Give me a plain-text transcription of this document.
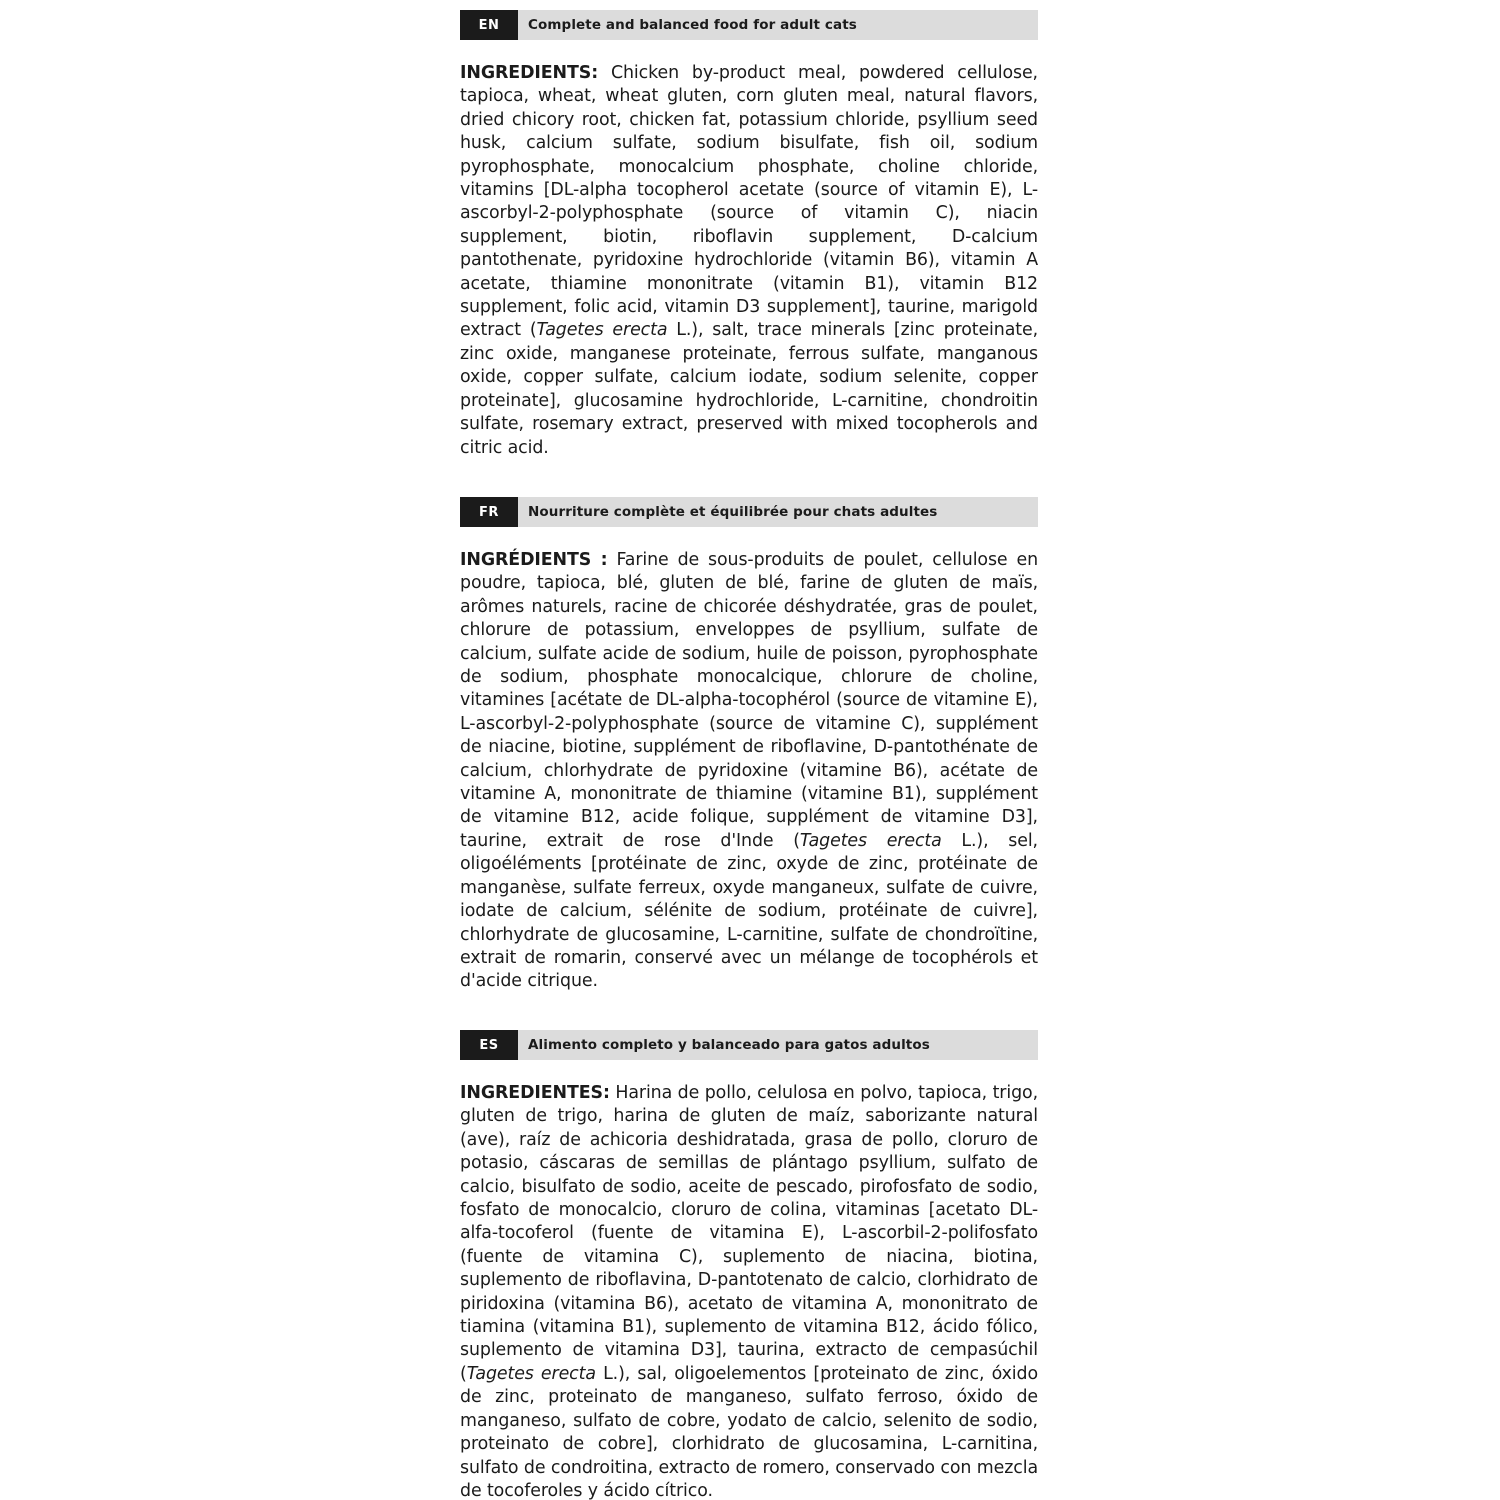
EN	Complete and balanced food for adult cats

INGREDIENTS: Chicken by-product meal, powdered cellulose, tapioca, wheat, wheat gluten, corn gluten meal, natural flavors, dried chicory root, chicken fat, potassium chloride, psyllium seed husk, calcium sulfate, sodium bisulfate, fish oil, sodium pyrophosphate, monocalcium phosphate, choline chloride, vitamins [DL-alpha tocopherol acetate (source of vitamin E), L-ascorbyl-2-polyphosphate (source of vitamin C), niacin supplement, biotin, riboflavin supplement, D-calcium pantothenate, pyridoxine hydrochloride (vitamin B6), vitamin A acetate, thiamine mononitrate (vitamin B1), vitamin B12 supplement, folic acid, vitamin D3 supplement], taurine, marigold extract (Tagetes erecta L.), salt, trace minerals [zinc proteinate, zinc oxide, manganese proteinate, ferrous sulfate, manganous oxide, copper sulfate, calcium iodate, sodium selenite, copper proteinate], glucosamine hydrochloride, L-carnitine, chondroitin sulfate, rosemary extract, preserved with mixed tocopherols and citric acid.

FR	Nourriture complète et équilibrée pour chats adultes

INGRÉDIENTS : Farine de sous-produits de poulet, cellulose en poudre, tapioca, blé, gluten de blé, farine de gluten de maïs, arômes naturels, racine de chicorée déshydratée, gras de poulet, chlorure de potassium, enveloppes de psyllium, sulfate de calcium, sulfate acide de sodium, huile de poisson, pyrophosphate de sodium, phosphate monocalcique, chlorure de choline, vitamines [acétate de DL-alpha-tocophérol (source de vitamine E), L-ascorbyl-2-polyphosphate (source de vitamine C), supplément de niacine, biotine, supplément de riboflavine, D-pantothénate de calcium, chlorhydrate de pyridoxine (vitamine B6), acétate de vitamine A, mononitrate de thiamine (vitamine B1), supplément de vitamine B12, acide folique, supplément de vitamine D3], taurine, extrait de rose d'Inde (Tagetes erecta L.), sel, oligoéléments [protéinate de zinc, oxyde de zinc, protéinate de manganèse, sulfate ferreux, oxyde manganeux, sulfate de cuivre, iodate de calcium, sélénite de sodium, protéinate de cuivre], chlorhydrate de glucosamine, L-carnitine, sulfate de chondroïtine, extrait de romarin, conservé avec un mélange de tocophérols et d'acide citrique.

ES	Alimento completo y balanceado para gatos adultos

INGREDIENTES: Harina de pollo, celulosa en polvo, tapioca, trigo, gluten de trigo, harina de gluten de maíz, saborizante natural (ave), raíz de achicoria deshidratada, grasa de pollo, cloruro de potasio, cáscaras de semillas de plántago psyllium, sulfato de calcio, bisulfato de sodio, aceite de pescado, pirofosfato de sodio, fosfato de monocalcio, cloruro de colina, vitaminas [acetato DL-alfa-tocoferol (fuente de vitamina E), L-ascorbil-2-polifosfato (fuente de vitamina C), suplemento de niacina, biotina, suplemento de riboflavina, D-pantotenato de calcio, clorhidrato de piridoxina (vitamina B6), acetato de vitamina A, mononitrato de tiamina (vitamina B1), suplemento de vitamina B12, ácido fólico, suplemento de vitamina D3], taurina, extracto de cempasúchil (Tagetes erecta L.), sal, oligoelementos [proteinato de zinc, óxido de zinc, proteinato de manganeso, sulfato ferroso, óxido de manganeso, sulfato de cobre, yodato de calcio, selenito de sodio, proteinato de cobre], clorhidrato de glucosamina, L-carnitina, sulfato de condroitina, extracto de romero, conservado con mezcla de tocoferoles y ácido cítrico.
